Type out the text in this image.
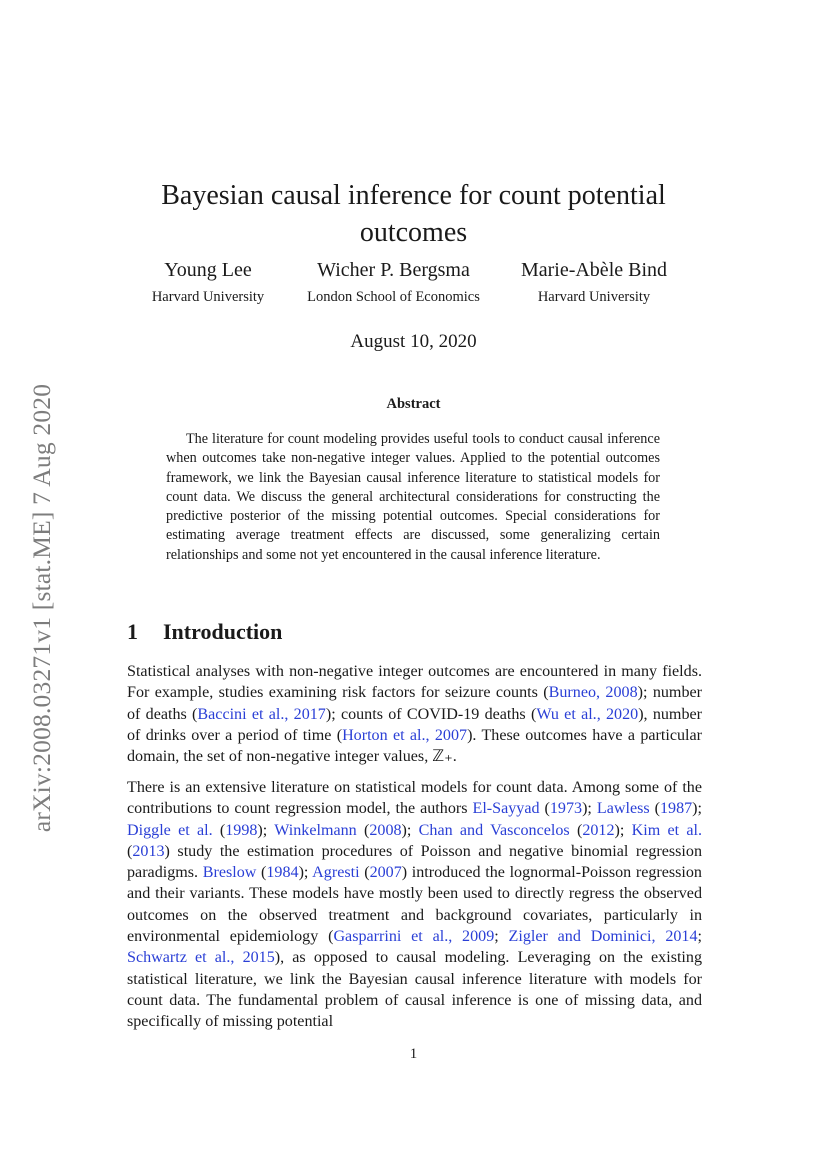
arXiv:2008.03271v1 [stat.ME] 7 Aug 2020
Bayesian causal inference for count potential outcomes
Young Lee
Harvard University
Wicher P. Bergsma
London School of Economics
Marie-Abèle Bind
Harvard University
August 10, 2020
Abstract

The literature for count modeling provides useful tools to conduct causal inference when outcomes take non-negative integer values. Applied to the potential outcomes framework, we link the Bayesian causal inference literature to statistical models for count data. We discuss the general architectural considerations for constructing the predictive posterior of the missing potential outcomes. Special considerations for estimating average treatment effects are discussed, some generalizing certain relationships and some not yet encountered in the causal inference literature.

1 Introduction

Statistical analyses with non-negative integer outcomes are encountered in many fields. For example, studies examining risk factors for seizure counts (Burneo, 2008); number of deaths (Baccini et al., 2017); counts of COVID-19 deaths (Wu et al., 2020), number of drinks over a period of time (Horton et al., 2007). These outcomes have a particular domain, the set of non-negative integer values, ℤ₊.

There is an extensive literature on statistical models for count data. Among some of the contributions to count regression model, the authors El-Sayyad (1973); Lawless (1987); Diggle et al. (1998); Winkelmann (2008); Chan and Vasconcelos (2012); Kim et al. (2013) study the estimation procedures of Poisson and negative binomial regression paradigms. Breslow (1984); Agresti (2007) introduced the lognormal-Poisson regression and their variants. These models have mostly been used to directly regress the observed outcomes on the observed treatment and background covariates, particularly in environmental epidemiology (Gasparrini et al., 2009; Zigler and Dominici, 2014; Schwartz et al., 2015), as opposed to causal modeling. Leveraging on the existing statistical literature, we link the Bayesian causal inference literature with models for count data. The fundamental problem of causal inference is one of missing data, and specifically of missing potential

1
